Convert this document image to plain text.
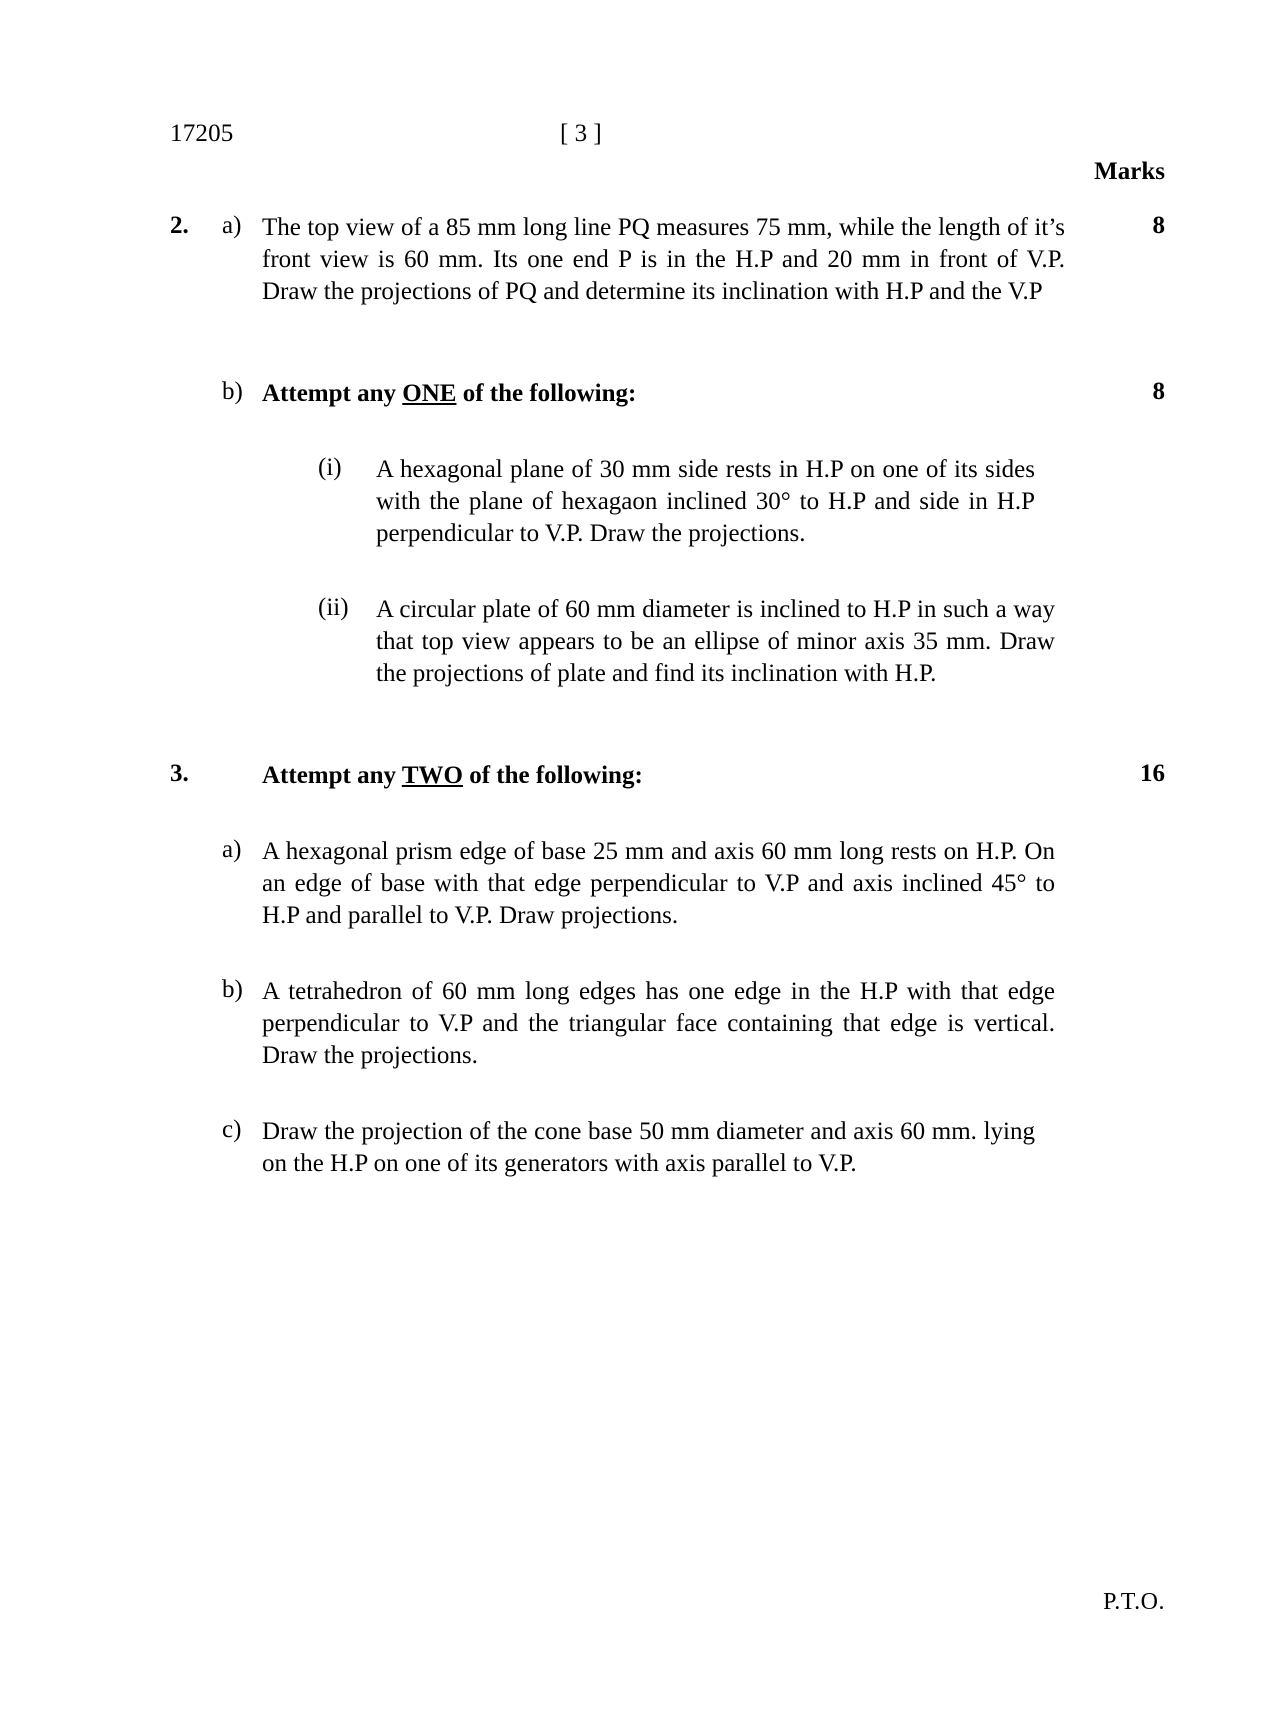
17205	[ 3 ]
Marks
2.	a)	8
The top view of a 85 mm long line PQ measures 75 mm, while the length of it’s front view is 60 mm. Its one end P is in the H.P and 20 mm in front of V.P. Draw the projections of PQ and determine its inclination with H.P and the V.P
b)	8
Attempt any ONE of the following:
(i)	A hexagonal plane of 30 mm side rests in H.P on one of its sides with the plane of hexagaon inclined 30° to H.P and side in H.P perpendicular to V.P. Draw the projections.
(ii)	A circular plate of 60 mm diameter is inclined to H.P in such a way that top view appears to be an ellipse of minor axis 35 mm. Draw the projections of plate and find its inclination with H.P.
3.	16
Attempt any TWO of the following:
a) A hexagonal prism edge of base 25 mm and axis 60 mm long rests on H.P. On an edge of base with that edge perpendicular to V.P and axis inclined 45° to H.P and parallel to V.P. Draw projections.
b) A tetrahedron of 60 mm long edges has one edge in the H.P with that edge perpendicular to V.P and the triangular face containing that edge is vertical. Draw the projections.
c) Draw the projection of the cone base 50 mm diameter and axis 60 mm. lying on the H.P on one of its generators with axis parallel to V.P.
P.T.O.
